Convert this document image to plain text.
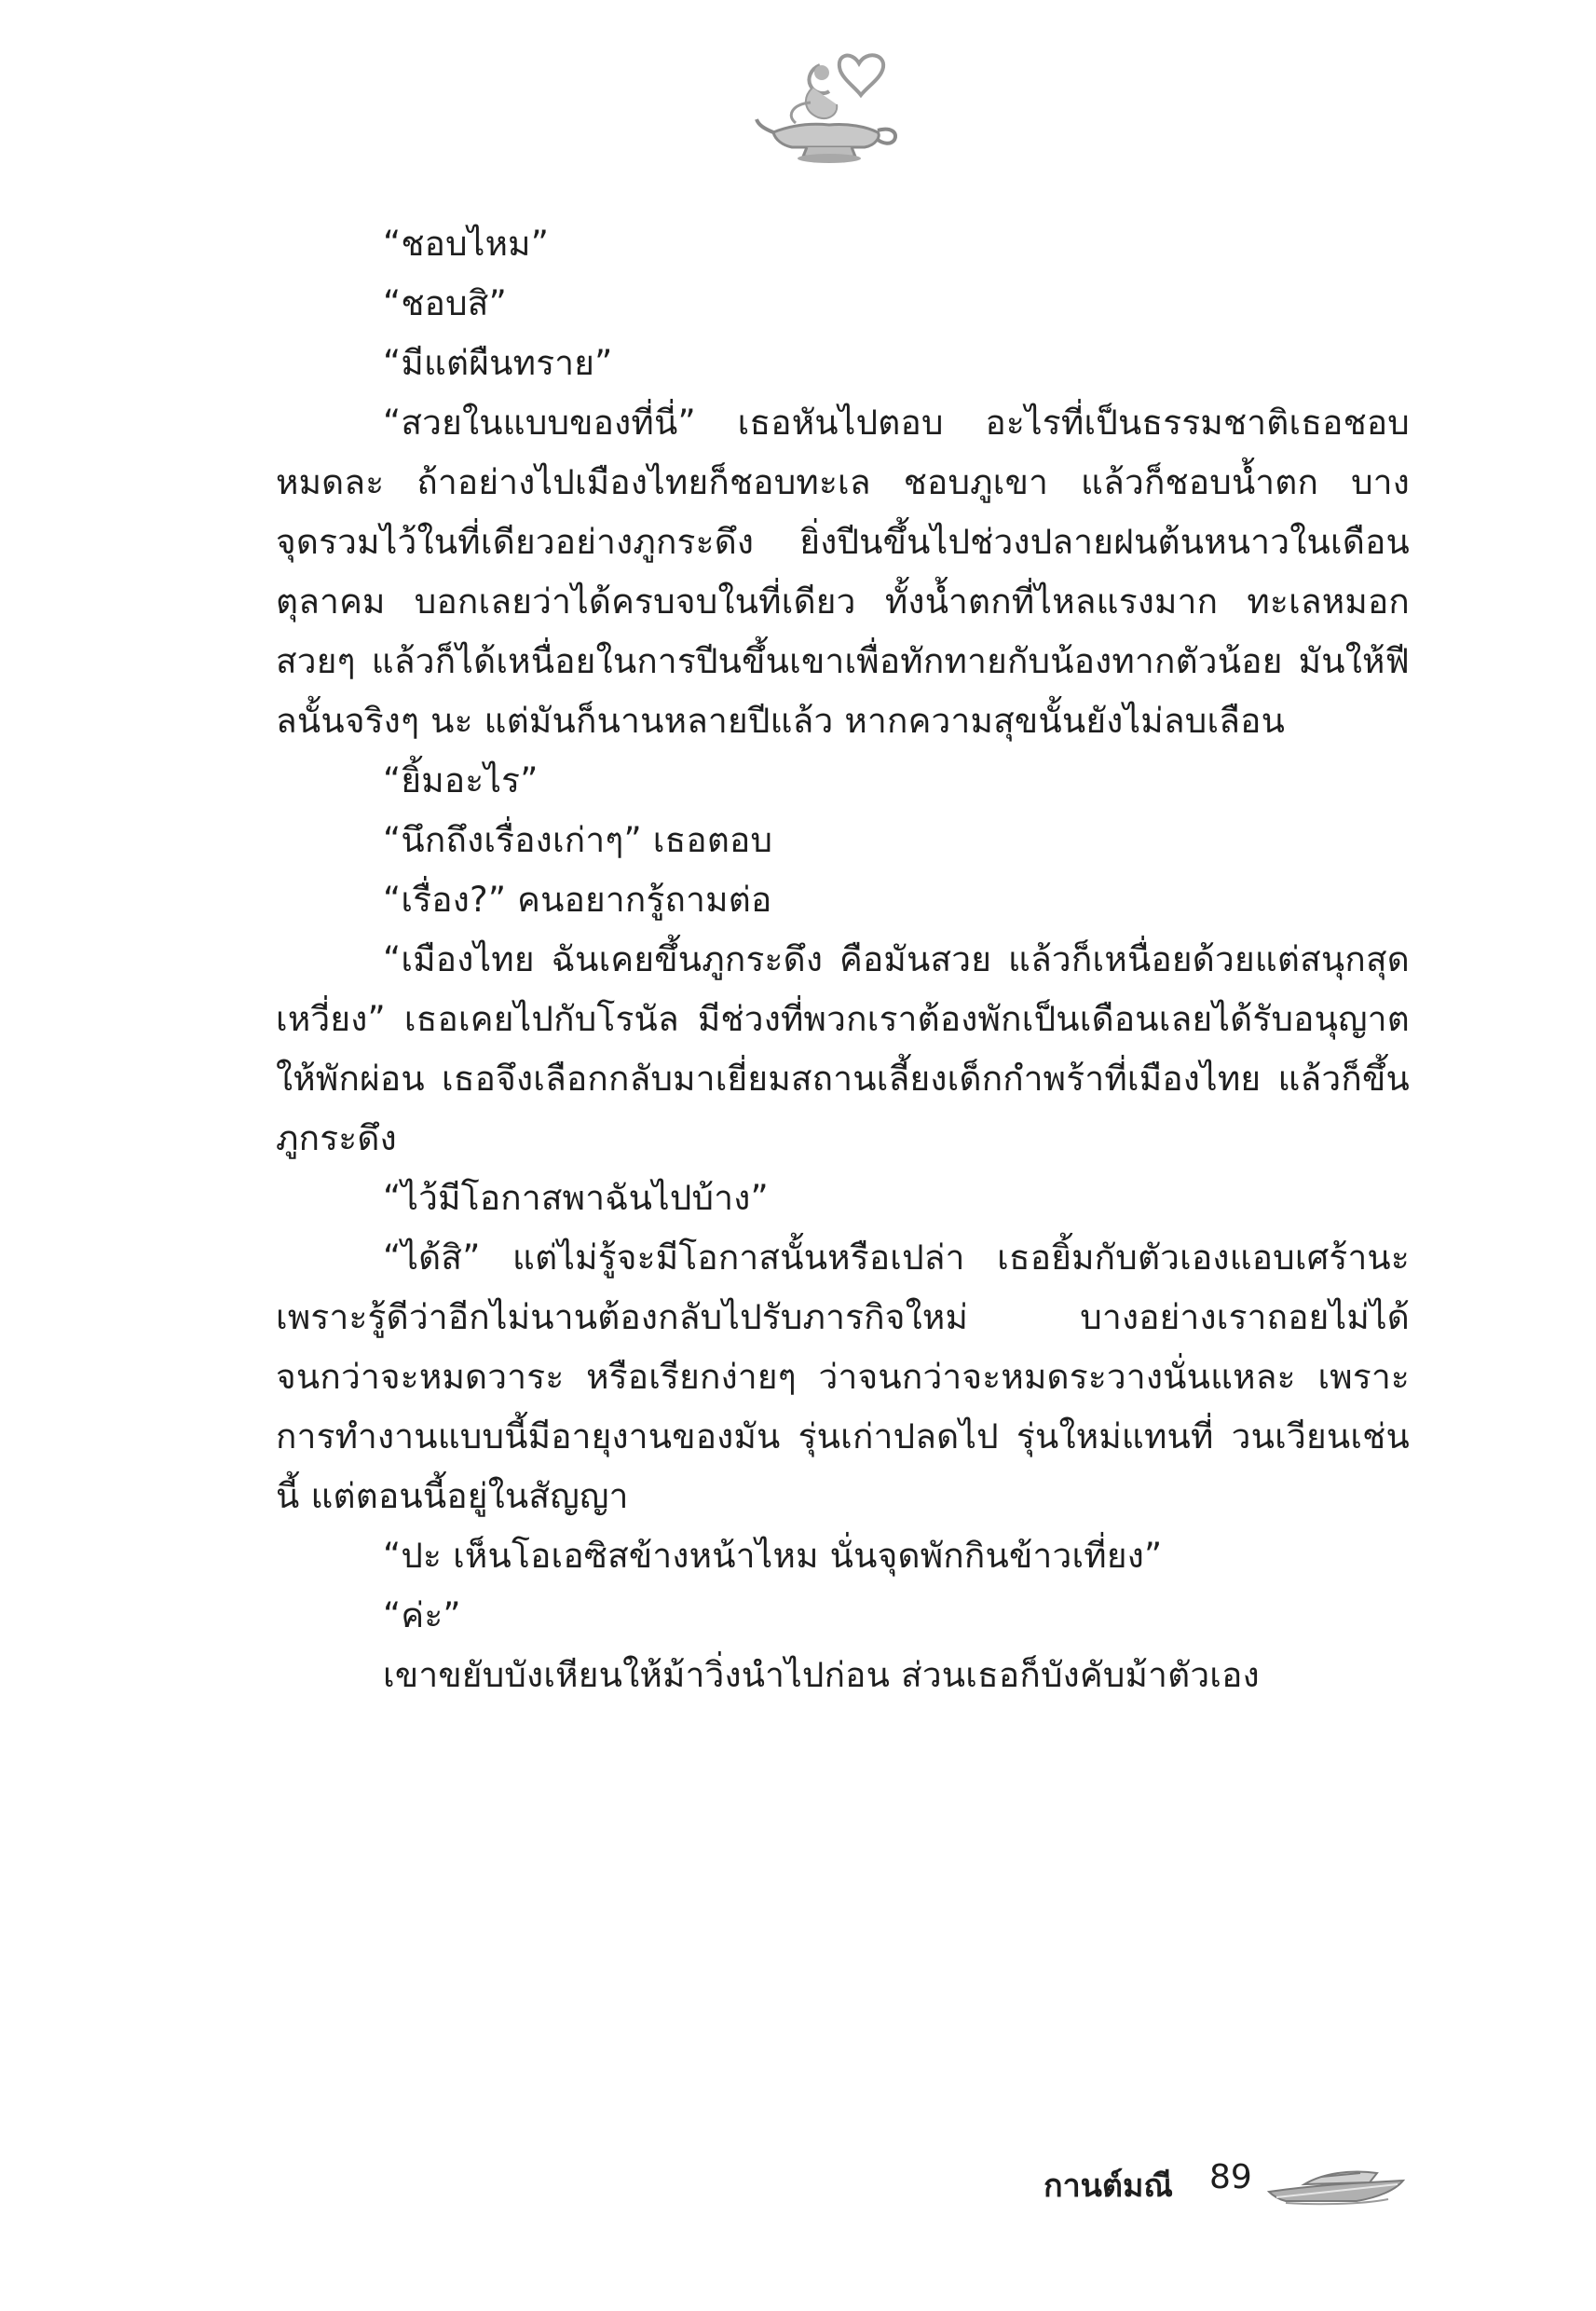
“ชอบไหม”

“ชอบสิ”

“มีแต่ผืนทราย”

“สวยในแบบของที่นี่” เธอหันไปตอบ อะไรที่เป็นธรรมชาติเธอชอบหมดละ ถ้าอย่างไปเมืองไทยก็ชอบทะเล ชอบภูเขา แล้วก็ชอบน้ำตก บางจุดรวมไว้ในที่เดียวอย่างภูกระดึง ยิ่งปีนขึ้นไปช่วงปลายฝนต้นหนาวในเดือนตุลาคม บอกเลยว่าได้ครบจบในที่เดียว ทั้งน้ำตกที่ไหลแรงมาก ทะเลหมอกสวยๆ แล้วก็ได้เหนื่อยในการปีนขึ้นเขาเพื่อทักทายกับน้องทากตัวน้อย มันให้ฟีลนั้นจริงๆ นะ แต่มันก็นานหลายปีแล้ว หากความสุขนั้นยังไม่ลบเลือน

“ยิ้มอะไร”

“นึกถึงเรื่องเก่าๆ” เธอตอบ

“เรื่อง?” คนอยากรู้ถามต่อ

“เมืองไทย ฉันเคยขึ้นภูกระดึง คือมันสวย แล้วก็เหนื่อยด้วยแต่สนุกสุดเหวี่ยง” เธอเคยไปกับโรนัล มีช่วงที่พวกเราต้องพักเป็นเดือนเลยได้รับอนุญาตให้พักผ่อน เธอจึงเลือกกลับมาเยี่ยมสถานเลี้ยงเด็กกำพร้าที่เมืองไทย แล้วก็ขึ้นภูกระดึง

“ไว้มีโอกาสพาฉันไปบ้าง”

“ได้สิ” แต่ไม่รู้จะมีโอกาสนั้นหรือเปล่า เธอยิ้มกับตัวเองแอบเศร้านะ เพราะรู้ดีว่าอีกไม่นานต้องกลับไปรับภารกิจใหม่ บางอย่างเราถอยไม่ได้ จนกว่าจะหมดวาระ หรือเรียกง่ายๆ ว่าจนกว่าจะหมดระวางนั่นแหละ เพราะการทำงานแบบนี้มีอายุงานของมัน รุ่นเก่าปลดไป รุ่นใหม่แทนที่ วนเวียนเช่นนี้ แต่ตอนนี้อยู่ในสัญญา

“ปะ เห็นโอเอซิสข้างหน้าไหม นั่นจุดพักกินข้าวเที่ยง”

“ค่ะ”

เขาขยับบังเหียนให้ม้าวิ่งนำไปก่อน ส่วนเธอก็บังคับม้าตัวเอง

กานต์มณี 89
